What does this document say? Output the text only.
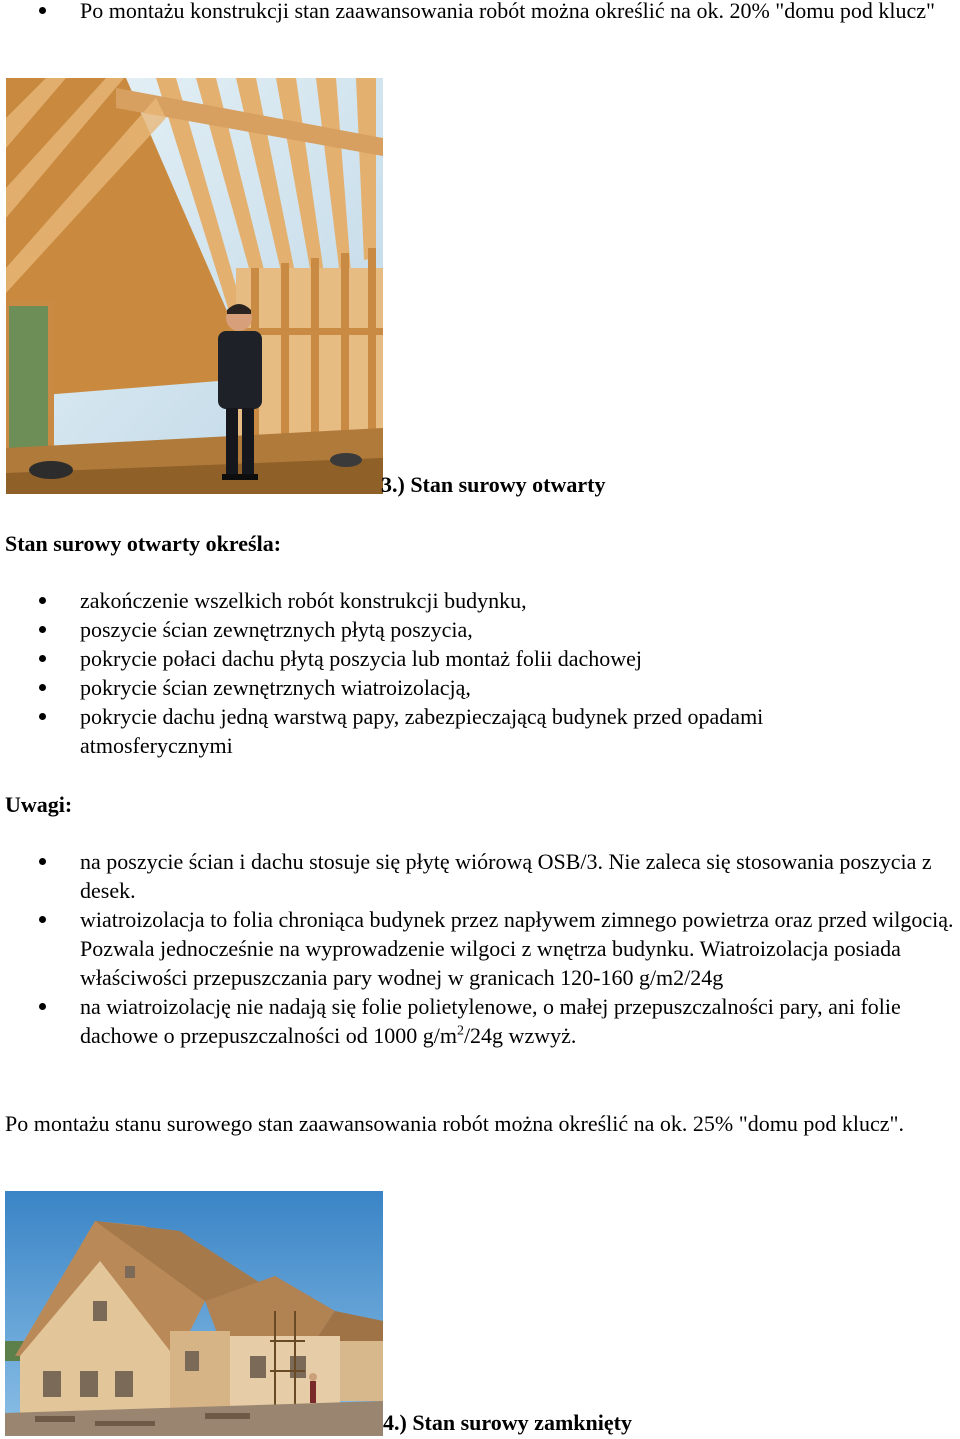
Po montażu konstrukcji stan zaawansowania robót można określić na ok. 20% "domu pod klucz"
3.) Stan surowy otwarty
Stan surowy otwarty określa:
zakończenie wszelkich robót konstrukcji budynku,
poszycie ścian zewnętrznych płytą poszycia,
pokrycie połaci dachu płytą poszycia lub montaż folii dachowej
pokrycie ścian zewnętrznych wiatroizolacją,
pokrycie dachu jedną warstwą papy, zabezpieczającą budynek przed opadami atmosferycznymi
Uwagi:
na poszycie ścian i dachu stosuje się płytę wiórową OSB/3. Nie zaleca się stosowania poszycia z desek.
wiatroizolacja to folia chroniąca budynek przez napływem zimnego powietrza oraz przed wilgocią. Pozwala jednocześnie na wyprowadzenie wilgoci z wnętrza budynku. Wiatroizolacja posiada właściwości przepuszczania pary wodnej w granicach 120-160 g/m2/24g
na wiatroizolację nie nadają się folie polietylenowe, o małej przepuszczalności pary, ani folie dachowe o przepuszczalności od 1000 $g/m^2/24g$ wzwyż.
Po montażu stanu surowego stan zaawansowania robót można określić na ok. 25% "domu pod klucz".
4.) Stan surowy zamknięty
